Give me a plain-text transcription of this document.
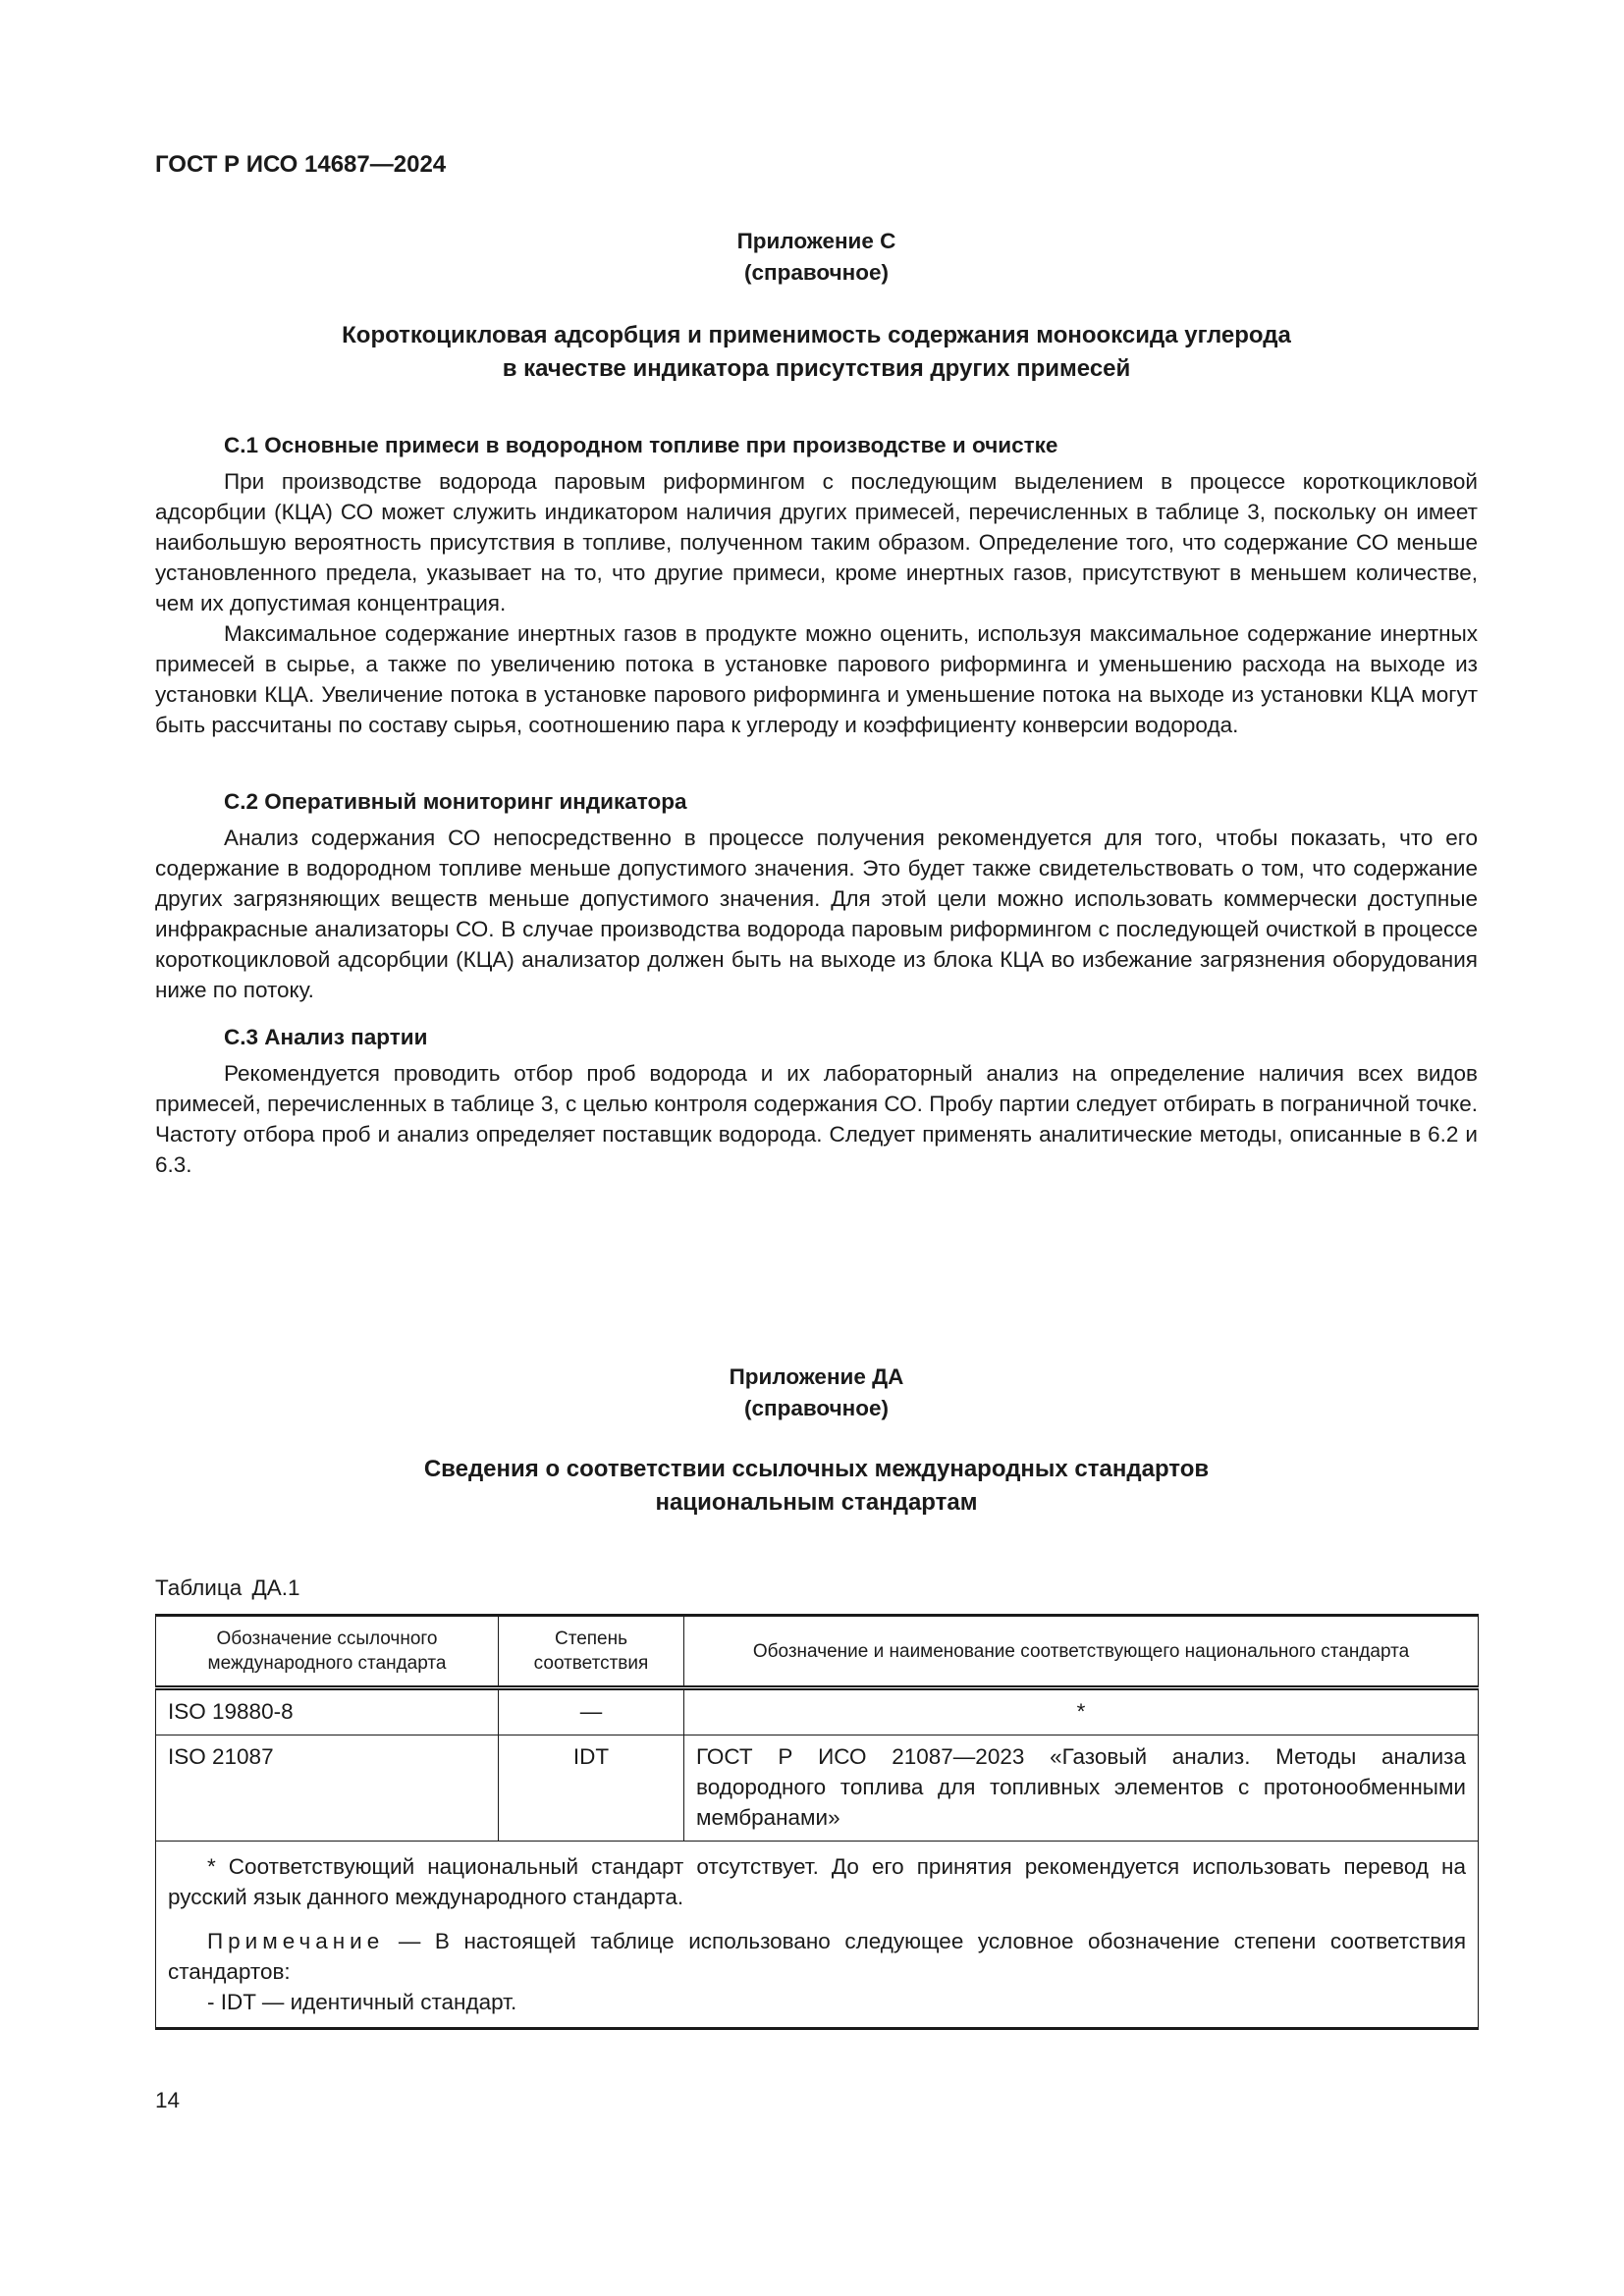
ГОСТ Р ИСО 14687—2024
Приложение С
(справочное)
Короткоцикловая адсорбция и применимость содержания монооксида углерода
в качестве индикатора присутствия других примесей
С.1 Основные примеси в водородном топливе при производстве и очистке

При производстве водорода паровым риформингом с последующим выделением в процессе короткоцикловой адсорбции (КЦА) СО может служить индикатором наличия других примесей, перечисленных в таблице 3, поскольку он имеет наибольшую вероятность присутствия в топливе, полученном таким образом. Определение того, что содержание СО меньше установленного предела, указывает на то, что другие примеси, кроме инертных газов, присутствуют в меньшем количестве, чем их допустимая концентрация.

Максимальное содержание инертных газов в продукте можно оценить, используя максимальное содержание инертных примесей в сырье, а также по увеличению потока в установке парового риформинга и уменьшению расхода на выходе из установки КЦА. Увеличение потока в установке парового риформинга и уменьшение потока на выходе из установки КЦА могут быть рассчитаны по составу сырья, соотношению пара к углероду и коэффициенту конверсии водорода.

С.2 Оперативный мониторинг индикатора

Анализ содержания СО непосредственно в процессе получения рекомендуется для того, чтобы показать, что его содержание в водородном топливе меньше допустимого значения. Это будет также свидетельствовать о том, что содержание других загрязняющих веществ меньше допустимого значения. Для этой цели можно использовать коммерчески доступные инфракрасные анализаторы СО. В случае производства водорода паровым риформингом с последующей очисткой в процессе короткоцикловой адсорбции (КЦА) анализатор должен быть на выходе из блока КЦА во избежание загрязнения оборудования ниже по потоку.

С.3 Анализ партии

Рекомендуется проводить отбор проб водорода и их лабораторный анализ на определение наличия всех видов примесей, перечисленных в таблице 3, с целью контроля содержания СО. Пробу партии следует отбирать в пограничной точке. Частоту отбора проб и анализ определяет поставщик водорода. Следует применять аналитические методы, описанные в 6.2 и 6.3.

Приложение ДА
(справочное)
Сведения о соответствии ссылочных международных стандартов
национальным стандартам
Таблица ДА.1
Обозначение ссылочного международного стандарта	Степень соответствия	Обозначение и наименование соответствующего национального стандарта
ISO 19880-8	—	*
ISO 21087	IDT	ГОСТ Р ИСО 21087—2023 «Газовый анализ. Методы анализа водородного топлива для топливных элементов с протонообменными мембранами»

* Соответствующий национальный стандарт отсутствует. До его принятия рекомендуется использовать перевод на русский язык данного международного стандарта.

Примечание — В настоящей таблице использовано следующее условное обозначение степени соответствия стандартов:

- IDT — идентичный стандарт.		

14
